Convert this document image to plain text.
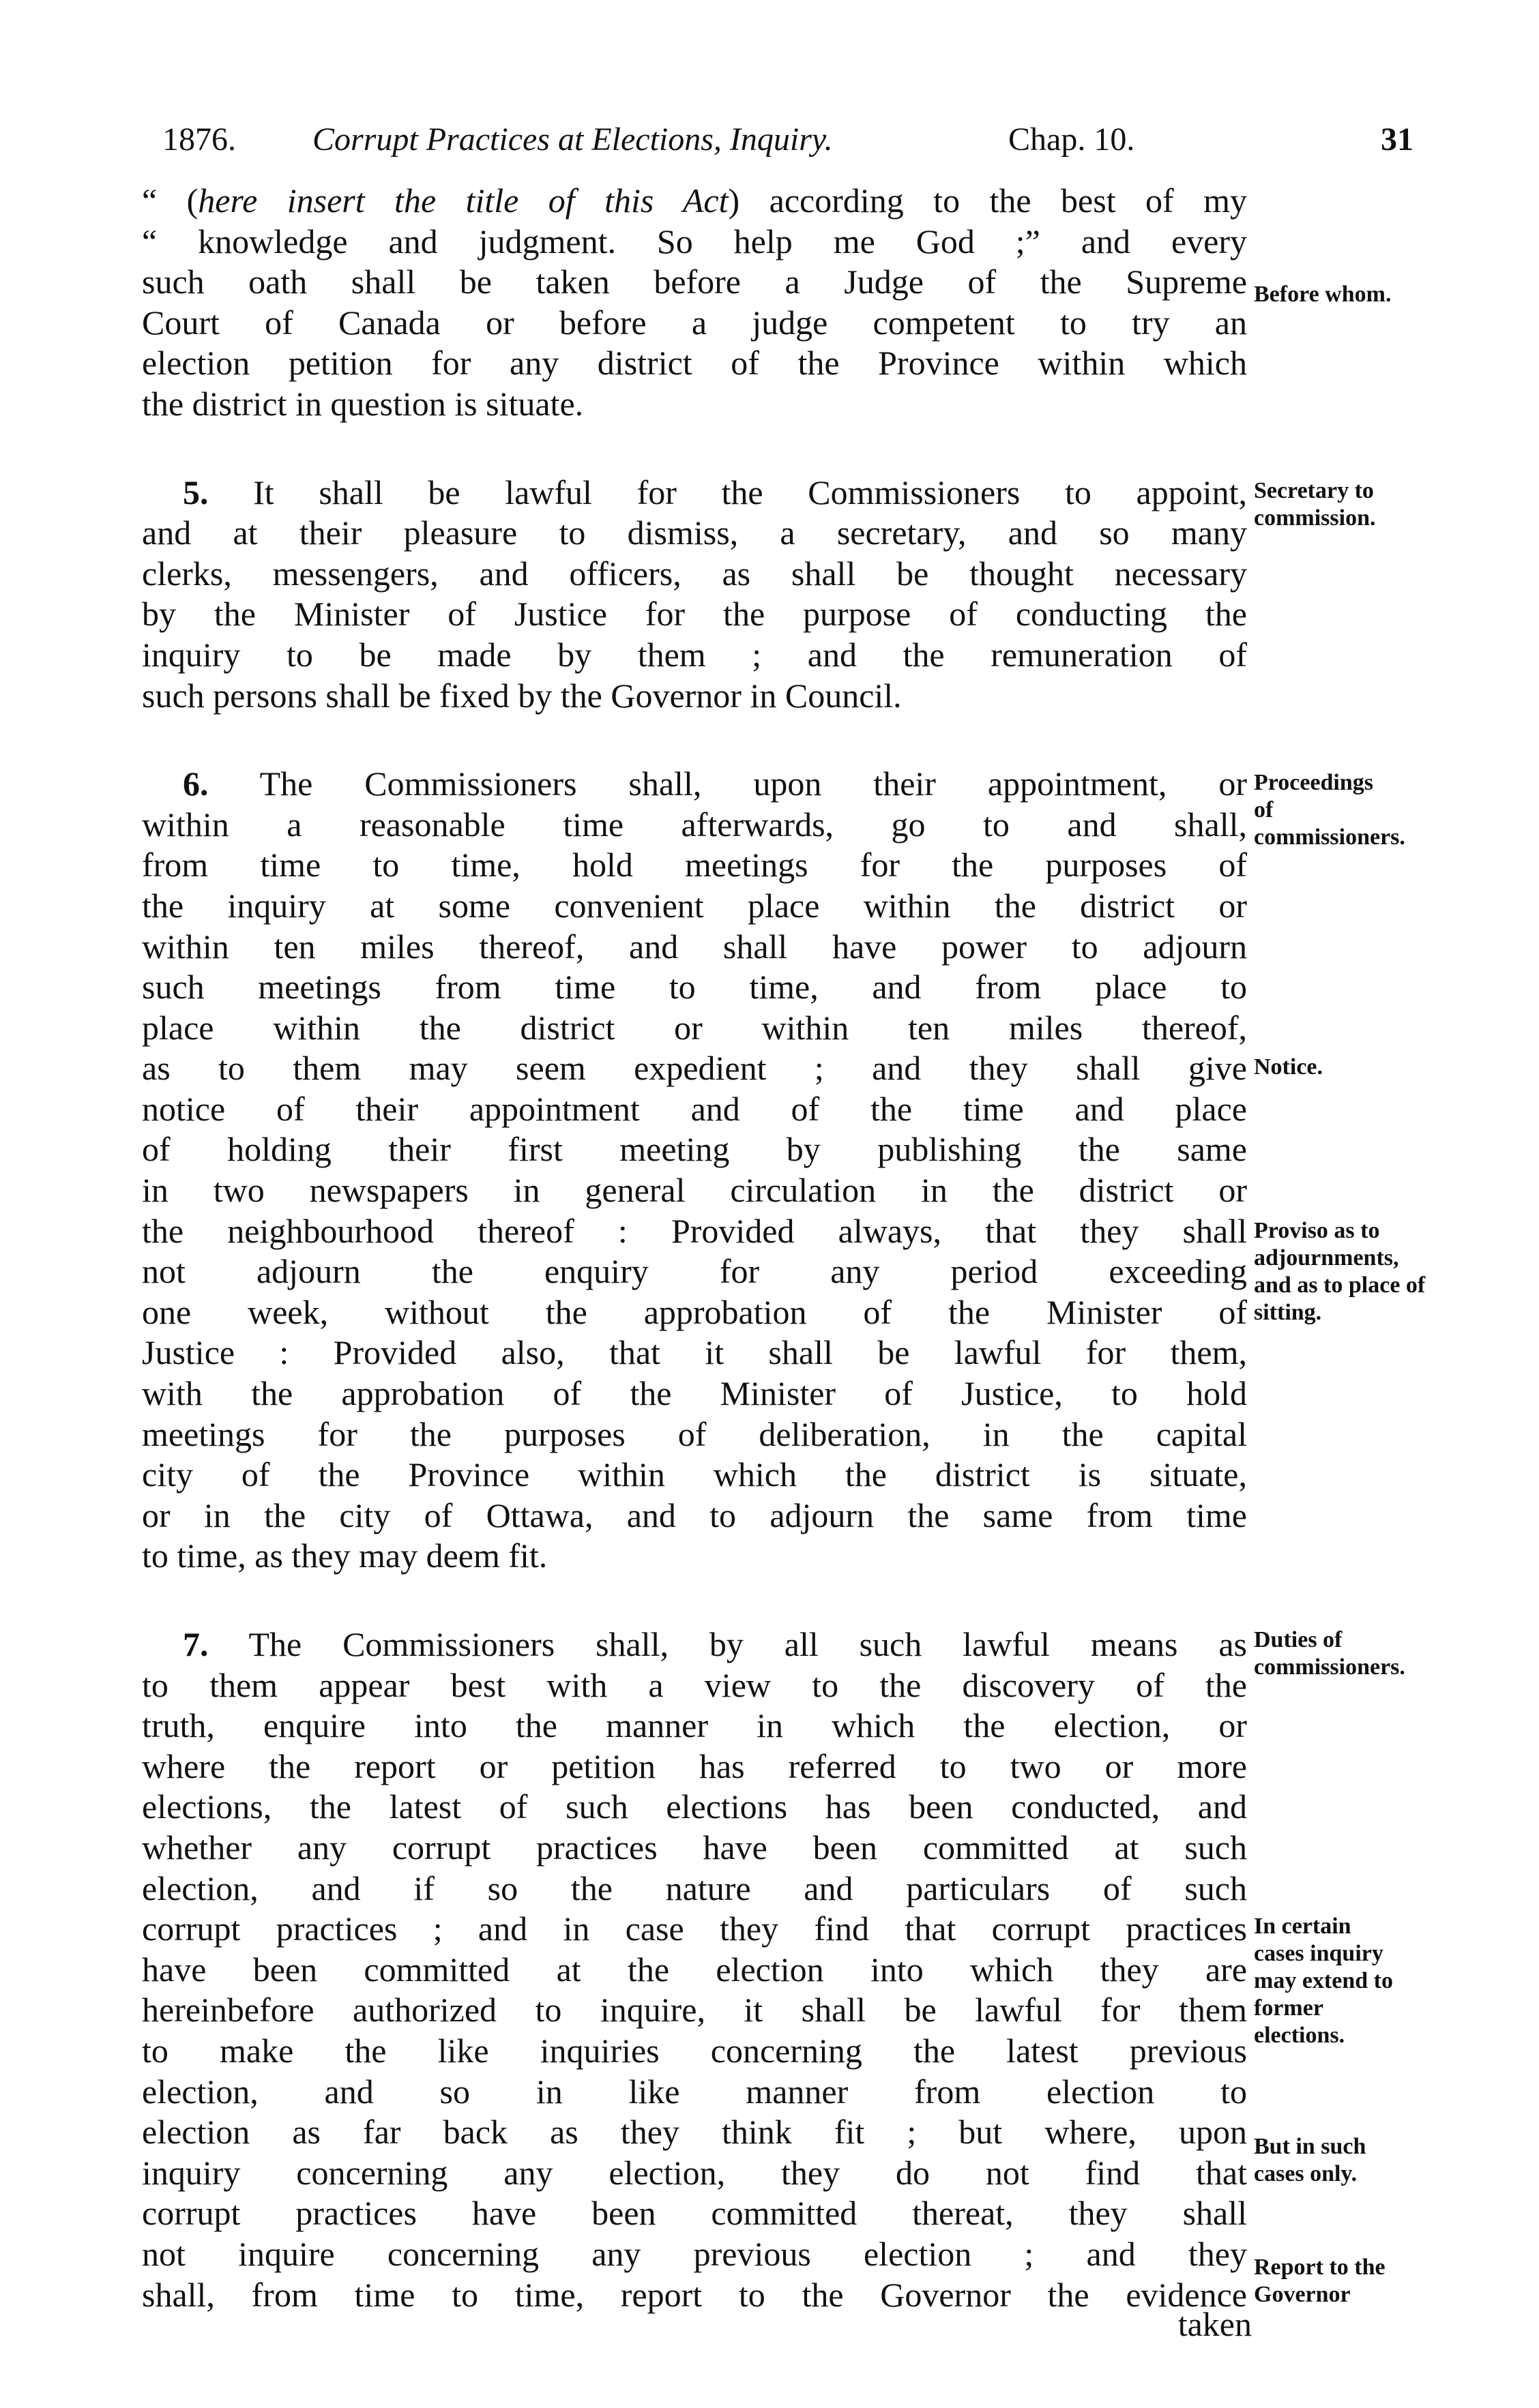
1876. Corrupt Practices at Elections, Inquiry.	Chap. 10.	31

“ (here insert the title of this Act) according to the best of my
“ knowledge and judgment. So help me God ;” and every
such oath shall be taken before a Judge of the Supreme
Court of Canada or before a judge competent to try an
election petition for any district of the Province within which
the district in question is situate.

5. It shall be lawful for the Commissioners to appoint,
and at their pleasure to dismiss, a secretary, and so many
clerks, messengers, and officers, as shall be thought necessary
by the Minister of Justice for the purpose of conducting the
inquiry to be made by them ; and the remuneration of
such persons shall be fixed by the Governor in Council.

6. The Commissioners shall, upon their appointment, or
within a reasonable time afterwards, go to and shall,
from time to time, hold meetings for the purposes of
the inquiry at some convenient place within the district or
within ten miles thereof, and shall have power to adjourn
such meetings from time to time, and from place to
place within the district or within ten miles thereof,
as to them may seem expedient ; and they shall give
notice of their appointment and of the time and place
of holding their first meeting by publishing the same
in two newspapers in general circulation in the district or
the neighbourhood thereof : Provided always, that they shall
not adjourn the enquiry for any period exceeding
one week, without the approbation of the Minister of
Justice : Provided also, that it shall be lawful for them,
with the approbation of the Minister of Justice, to hold
meetings for the purposes of deliberation, in the capital
city of the Province within which the district is situate,
or in the city of Ottawa, and to adjourn the same from time
to time, as they may deem fit.

7. The Commissioners shall, by all such lawful means as
to them appear best with a view to the discovery of the
truth, enquire into the manner in which the election, or
where the report or petition has referred to two or more
elections, the latest of such elections has been conducted, and
whether any corrupt practices have been committed at such
election, and if so the nature and particulars of such
corrupt practices ; and in case they find that corrupt practices
have been committed at the election into which they are
hereinbefore authorized to inquire, it shall be lawful for them
to make the like inquiries concerning the latest previous
election, and so in like manner from election to
election as far back as they think fit ; but where, upon
inquiry concerning any election, they do not find that
corrupt practices have been committed thereat, they shall
not inquire concerning any previous election ; and they
shall, from time to time, report to the Governor the evidence

taken
Before whom.
Secretary to commission.
Proceedings of commissioners.
Notice.
Proviso as to adjournments, and as to place of sitting.
Duties of commissioners.
In certain cases inquiry may extend to former elections.
But in such cases only.
Report to the Governor
